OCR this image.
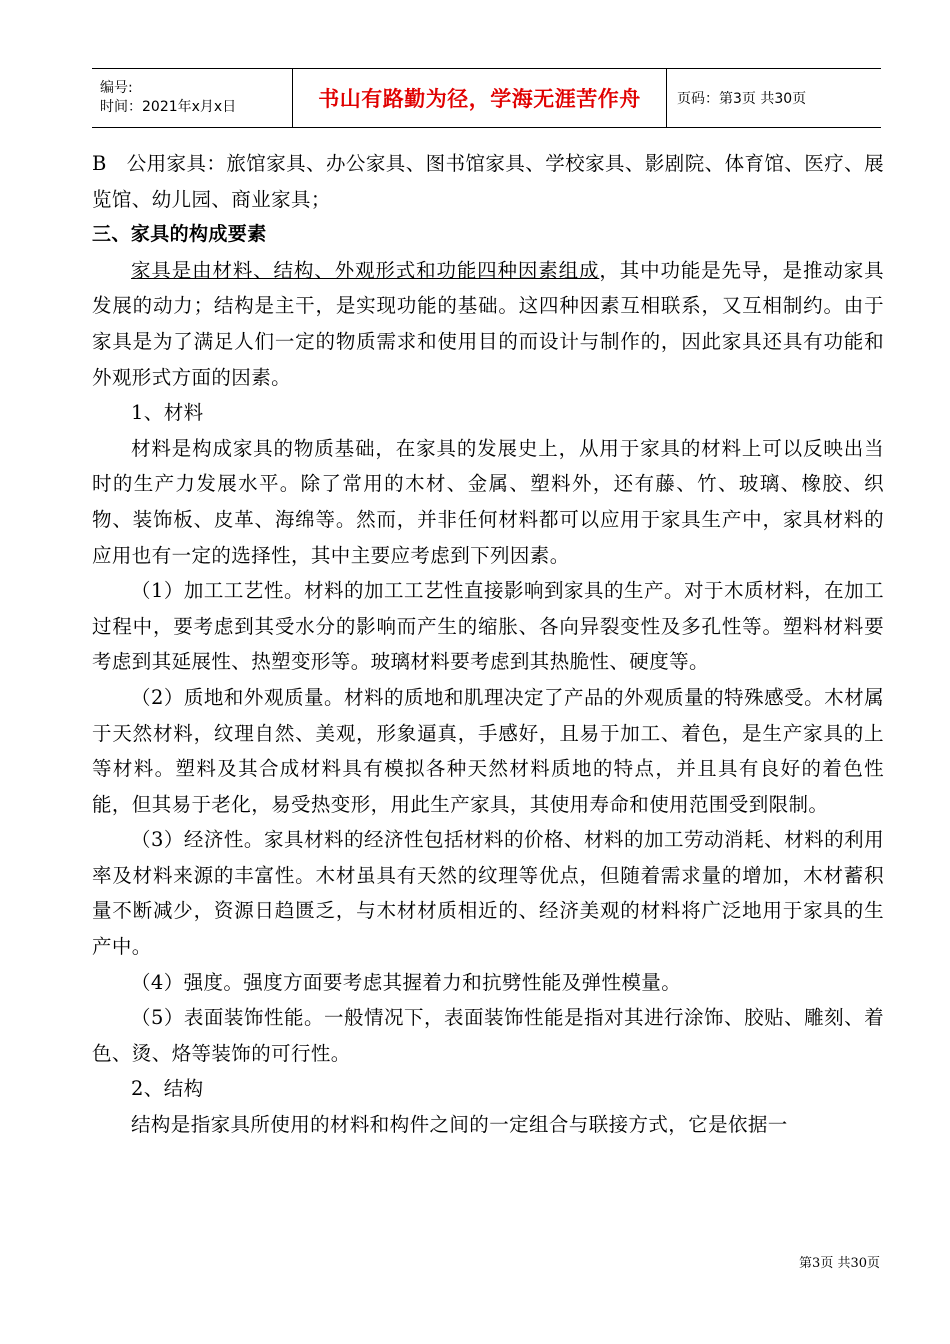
编号:
时间：2021年x月x日	书山有路勤为径，学海无涯苦作舟	页码：第3页 共30页

B　公用家具：旅馆家具、办公家具、图书馆家具、学校家具、影剧院、体育馆、医疗、展览馆、幼儿园、商业家具；

三、家具的构成要素

家具是由材料、结构、外观形式和功能四种因素组成，其中功能是先导，是推动家具发展的动力；结构是主干，是实现功能的基础。这四种因素互相联系，又互相制约。由于家具是为了满足人们一定的物质需求和使用目的而设计与制作的，因此家具还具有功能和外观形式方面的因素。

1、材料

材料是构成家具的物质基础，在家具的发展史上，从用于家具的材料上可以反映出当时的生产力发展水平。除了常用的木材、金属、塑料外，还有藤、竹、玻璃、橡胶、织物、装饰板、皮革、海绵等。然而，并非任何材料都可以应用于家具生产中，家具材料的应用也有一定的选择性，其中主要应考虑到下列因素。

（1）加工工艺性。材料的加工工艺性直接影响到家具的生产。对于木质材料，在加工过程中，要考虑到其受水分的影响而产生的缩胀、各向异裂变性及多孔性等。塑料材料要考虑到其延展性、热塑变形等。玻璃材料要考虑到其热脆性、硬度等。

（2）质地和外观质量。材料的质地和肌理决定了产品的外观质量的特殊感受。木材属于天然材料，纹理自然、美观，形象逼真，手感好，且易于加工、着色，是生产家具的上等材料。塑料及其合成材料具有模拟各种天然材料质地的特点，并且具有良好的着色性能，但其易于老化，易受热变形，用此生产家具，其使用寿命和使用范围受到限制。

（3）经济性。家具材料的经济性包括材料的价格、材料的加工劳动消耗、材料的利用率及材料来源的丰富性。木材虽具有天然的纹理等优点，但随着需求量的增加，木材蓄积量不断减少，资源日趋匮乏，与木材材质相近的、经济美观的材料将广泛地用于家具的生产中。

（4）强度。强度方面要考虑其握着力和抗劈性能及弹性模量。

（5）表面装饰性能。一般情况下，表面装饰性能是指对其进行涂饰、胶贴、雕刻、着色、烫、烙等装饰的可行性。

2、结构

结构是指家具所使用的材料和构件之间的一定组合与联接方式，它是依据一

第3页 共30页
